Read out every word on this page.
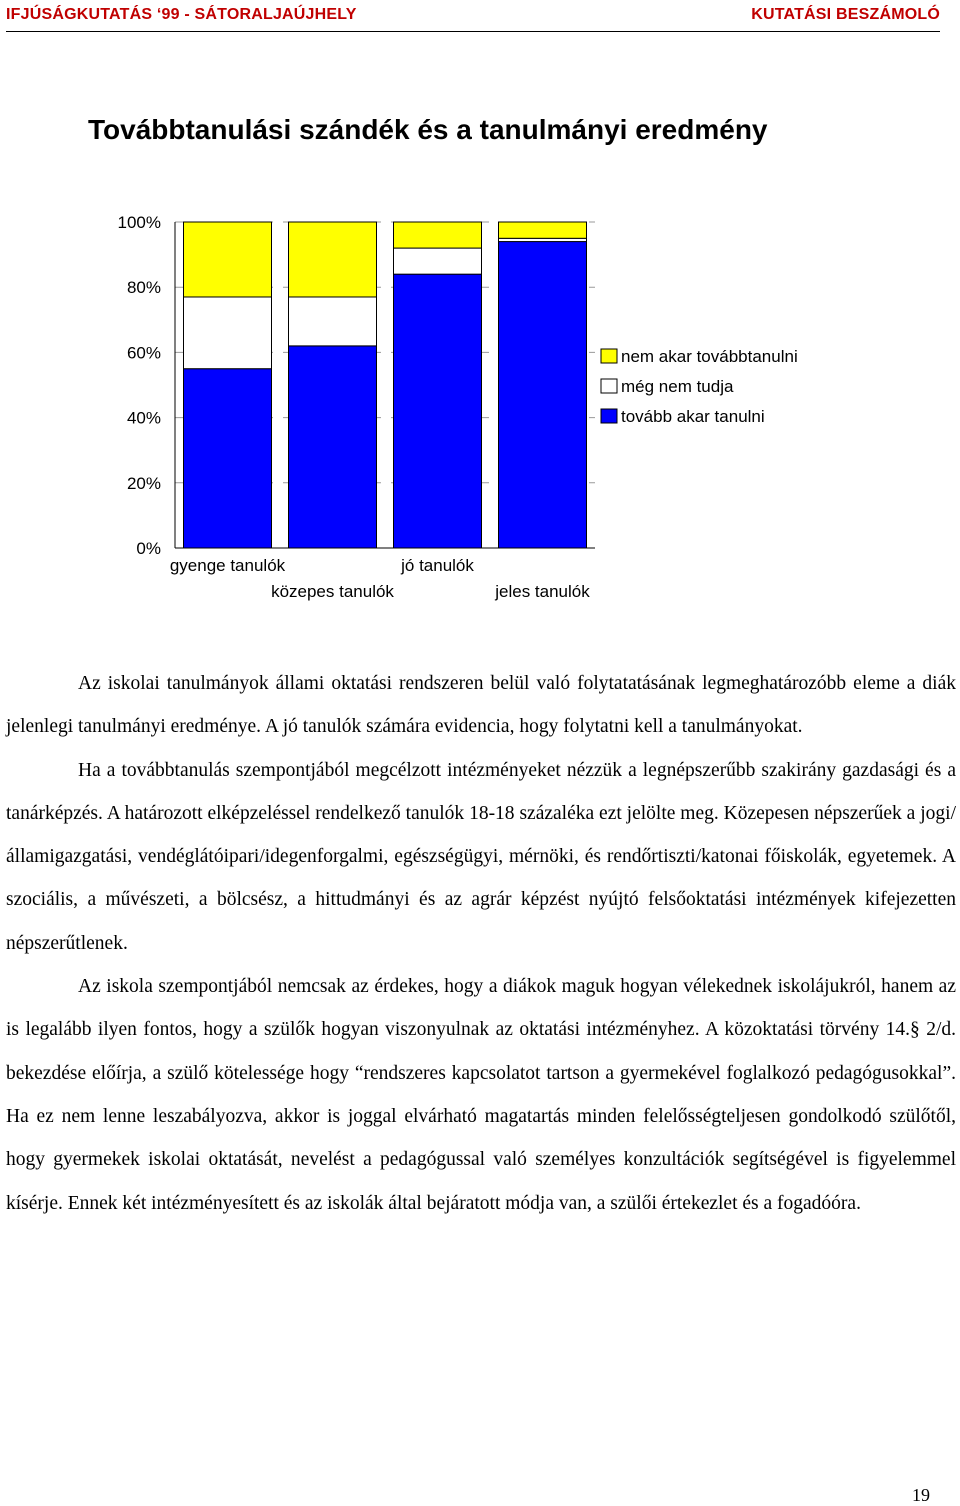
IFJÚSÁGKUTATÁS ‘99 - SÁTORALJAÚJHELY	KUTATÁSI BESZÁMOLÓ
Továbbtanulási szándék és a tanulmányi eredmény
0%
20%
40%
60%
80%
100%
gyenge tanulók
közepes tanulók
jó tanulók
jeles tanulók
nem akar továbbtanulni
még nem tudja
tovább akar tanulni

Az iskolai tanulmányok állami oktatási rendszeren belül való folytatatásának legmeghatározóbb eleme a diák jelenlegi tanulmányi eredménye. A jó tanulók számára evidencia, hogy folytatni kell a tanulmányokat.

Ha a továbbtanulás szempontjából megcélzott intézményeket nézzük a legnépszerűbb szakirány gazdasági és a tanárképzés. A határozott elképzeléssel rendelkező tanulók 18-18 százaléka ezt jelölte meg. Közepesen népszerűek a jogi/ államigazgatási, vendéglátóipari/idegenforgalmi, egészségügyi, mérnöki, és rendőrtiszti/katonai főiskolák, egyetemek. A szociális, a művészeti, a bölcsész, a hittudmányi és az agrár képzést nyújtó felsőoktatási intézmények kifejezetten népszerűtlenek.

Az iskola szempontjából nemcsak az érdekes, hogy a diákok maguk hogyan vélekednek iskolájukról, hanem az is legalább ilyen fontos, hogy a szülők hogyan viszonyulnak az oktatási intézményhez. A közoktatási törvény 14.§ 2/d. bekezdése előírja, a szülő kötelessége hogy “rendszeres kapcsolatot tartson a gyermekével foglalkozó pedagógusokkal”. Ha ez nem lenne leszabályozva, akkor is joggal elvárható magatartás minden felelősségteljesen gondolkodó szülőtől, hogy gyermekek iskolai oktatását, nevelést a pedagógussal való személyes konzultációk segítségével is figyelemmel kísérje. Ennek két intézményesített és az iskolák által bejáratott módja van, a szülői értekezlet és a fogadóóra.

19
